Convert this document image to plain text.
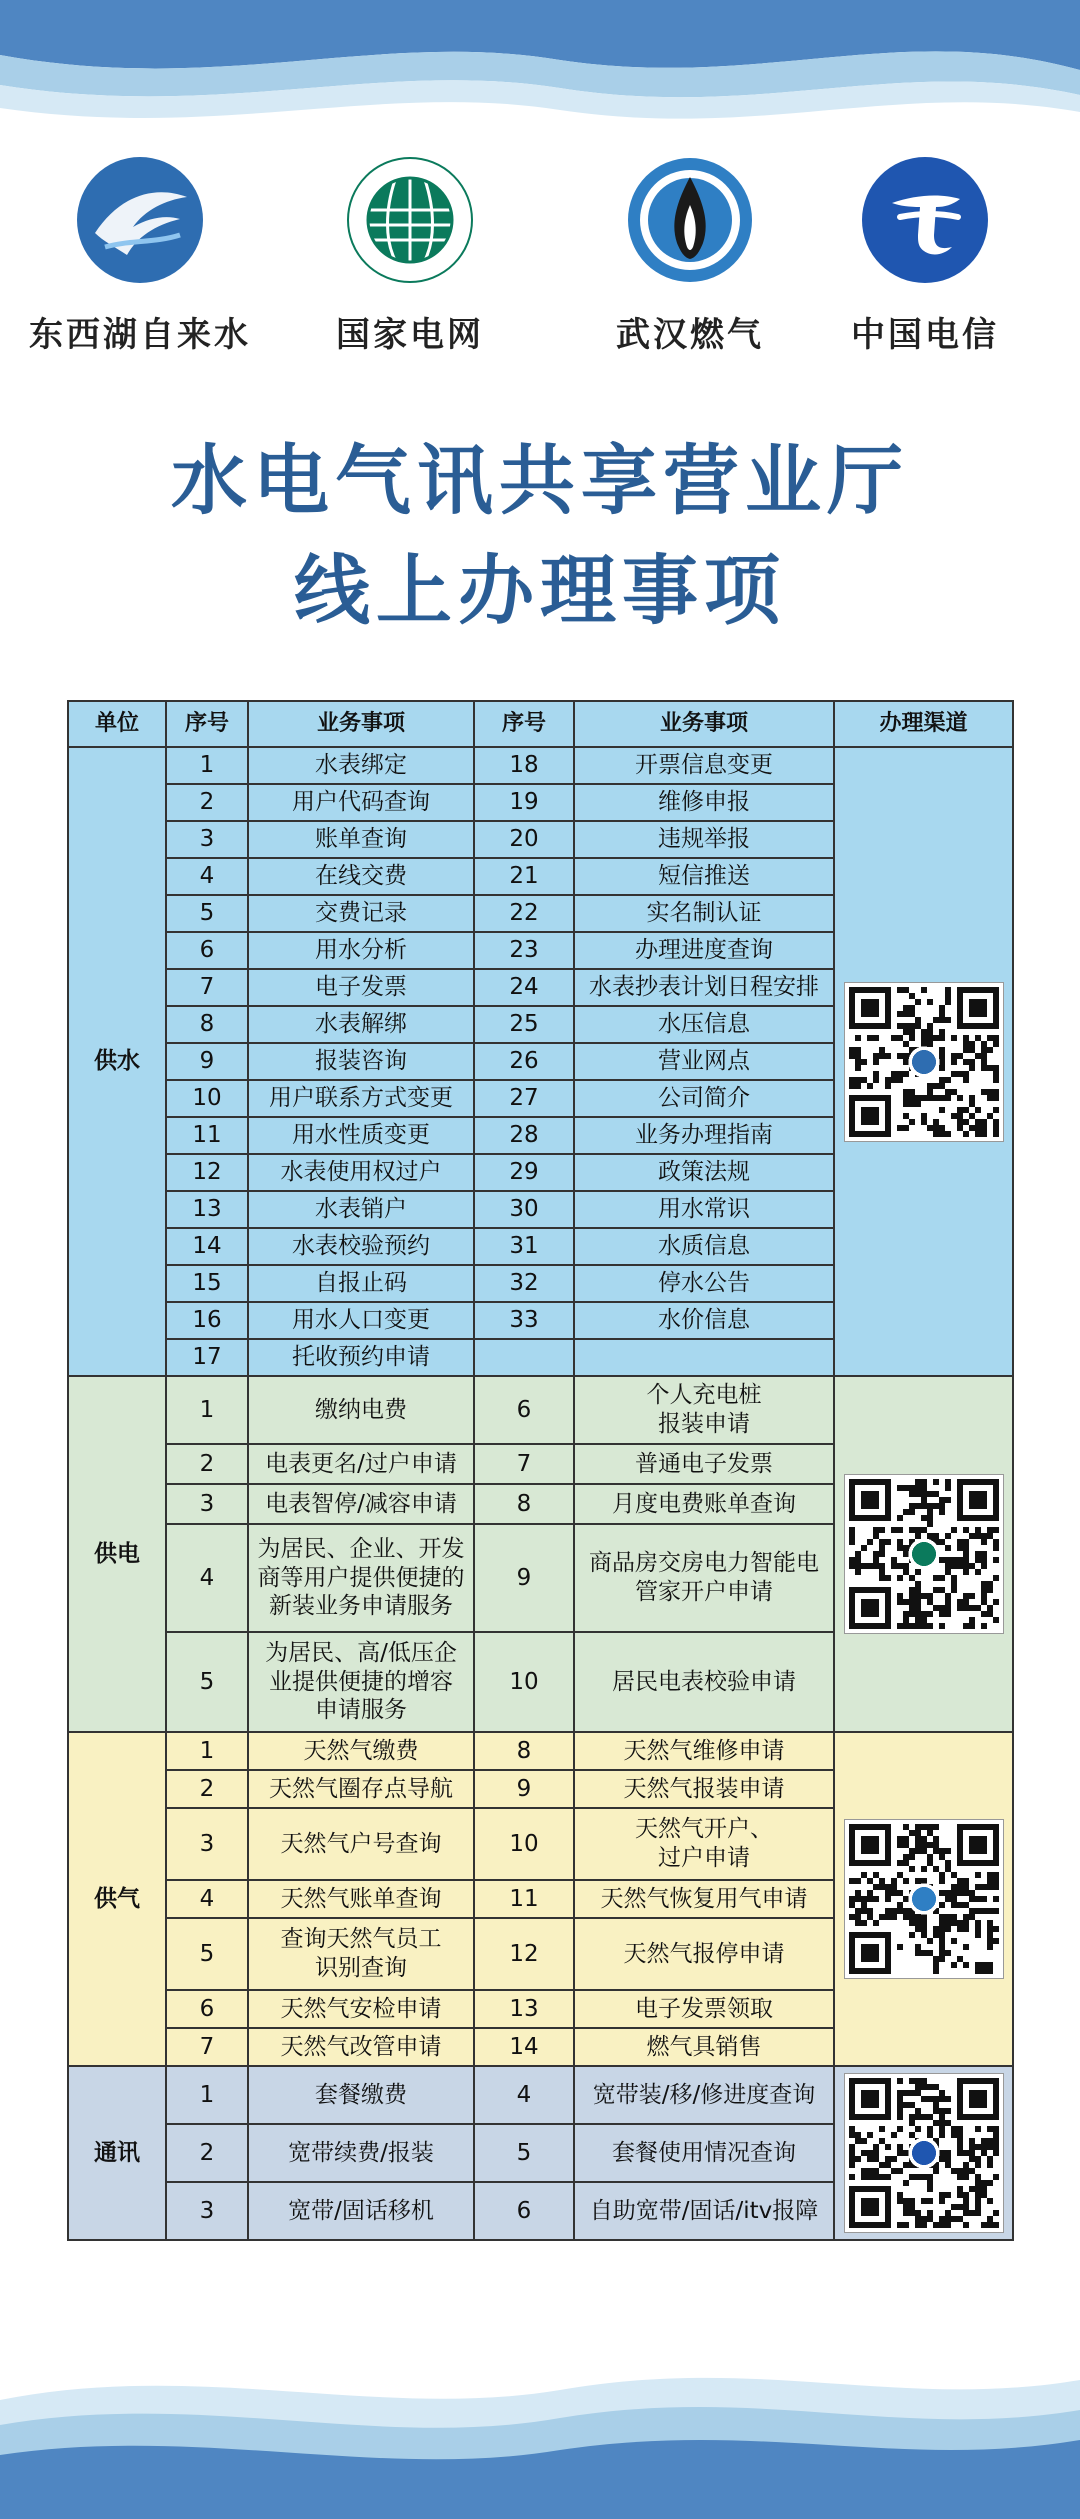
东西湖自来水	国家电网	武汉燃气	中国电信
水电气讯共享营业厅
线上办理事项
单位	序号	业务事项	序号	业务事项	办理渠道
供水	1	水表绑定	18	开票信息变更	

	2	用户代码查询	19	维修申报	
	3	账单查询	20	违规举报	
	4	在线交费	21	短信推送	
	5	交费记录	22	实名制认证	
	6	用水分析	23	办理进度查询	
	7	电子发票	24	水表抄表计划日程安排	
	8	水表解绑	25	水压信息	
	9	报装咨询	26	营业网点	
	10	用户联系方式变更	27	公司简介	
	11	用水性质变更	28	业务办理指南	
	12	水表使用权过户	29	政策法规	
	13	水表销户	30	用水常识	
	14	水表校验预约	31	水质信息	
	15	自报止码	32	停水公告	
	16	用水人口变更	33	水价信息	
	17	托收预约申请			
供电	1	缴纳电费	6	个人充电桩
报装申请	

	2	电表更名/过户申请	7	普通电子发票	
	3	电表智停/减容申请	8	月度电费账单查询	
	4	为居民、企业、开发
商等用户提供便捷的
新装业务申请服务	9	商品房交房电力智能电
管家开户申请	
	5	为居民、高/低压企
业提供便捷的增容
申请服务	10	居民电表校验申请	
供气	1	天然气缴费	8	天然气维修申请	

	2	天然气圈存点导航	9	天然气报装申请	
	3	天然气户号查询	10	天然气开户、
过户申请	
	4	天然气账单查询	11	天然气恢复用气申请	
	5	查询天然气员工
识别查询	12	天然气报停申请	
	6	天然气安检申请	13	电子发票领取	
	7	天然气改管申请	14	燃气具销售	
通讯	1	套餐缴费	4	宽带装/移/修进度查询	

	2	宽带续费/报装	5	套餐使用情况查询	
	3	宽带/固话移机	6	自助宽带/固话/itv报障	
